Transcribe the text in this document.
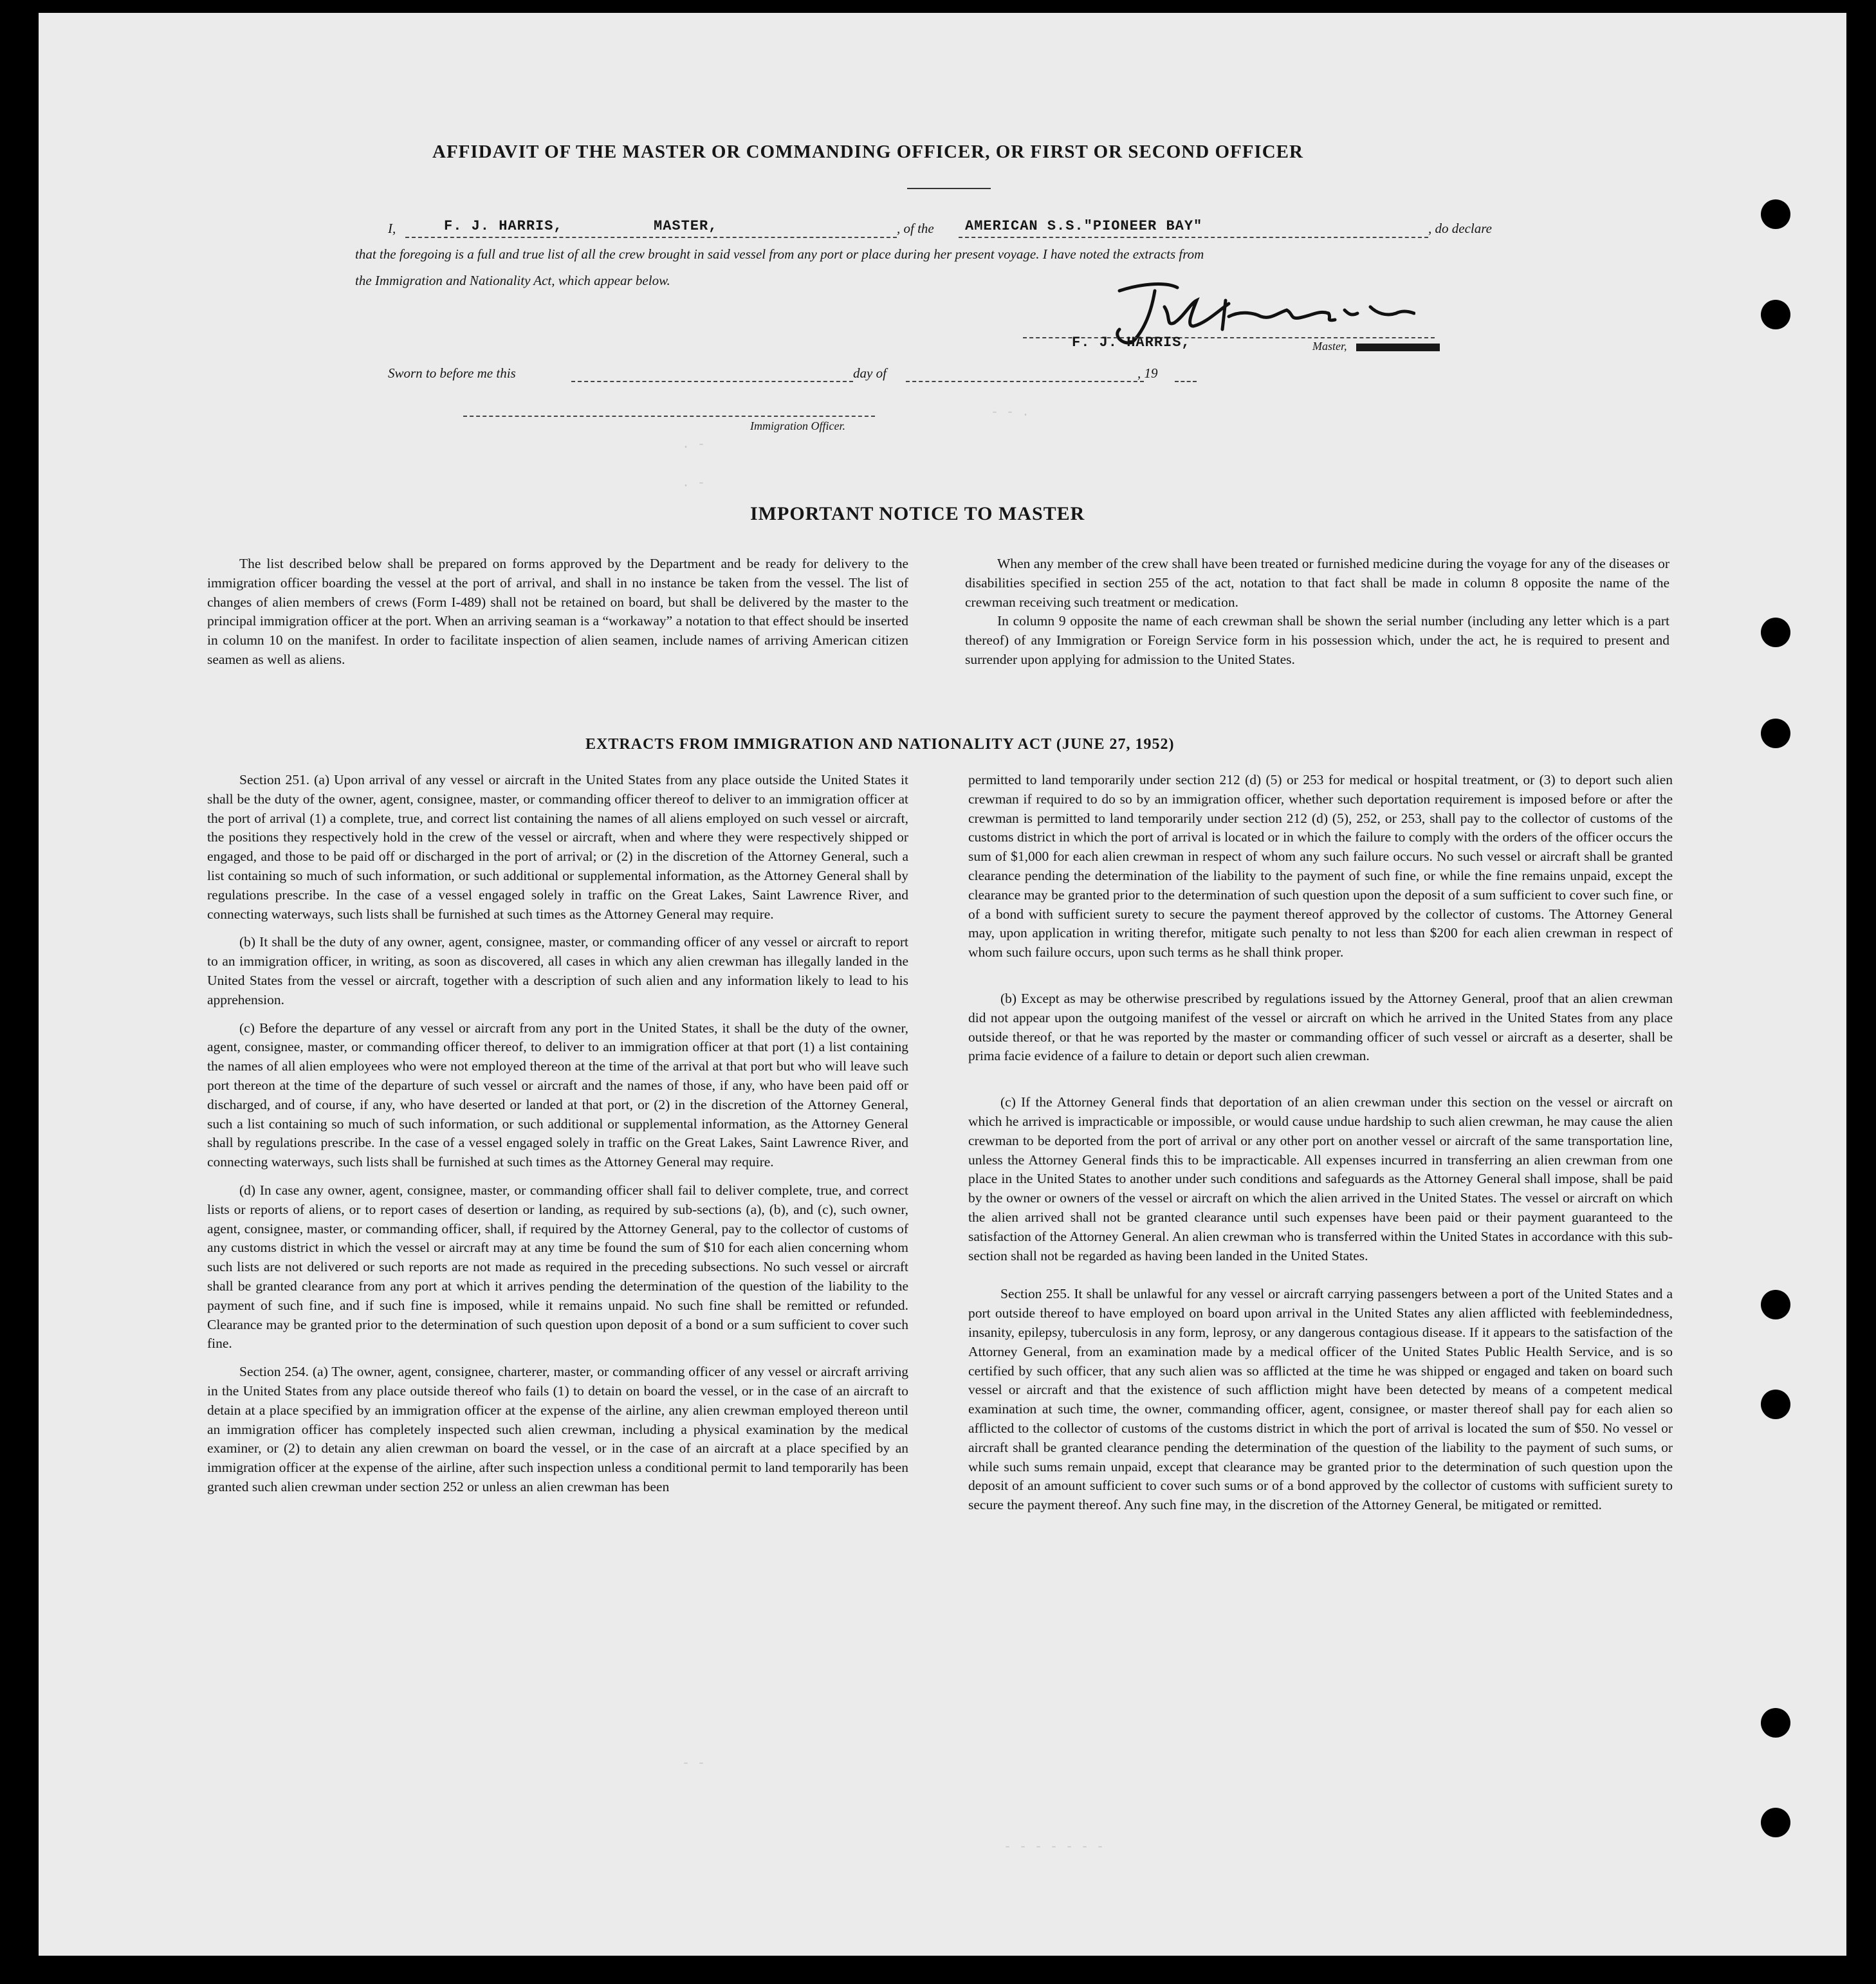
AFFIDAVIT OF THE MASTER OR COMMANDING OFFICER, OR FIRST OR SECOND OFFICER
I,	F. J. HARRIS,	MASTER,	, of the AMERICAN S.S."PIONEER BAY"	, do declare
that the foregoing is a full and true list of all the crew brought in said vessel from any port or place during her present voyage. I have noted the extracts from
the Immigration and Nationality Act, which appear below.
F. J. HARRIS,	Master,
Sworn to before me this	day of	, 19
Immigration Officer.
- - .
. -
. -
IMPORTANT NOTICE TO MASTER

The list described below shall be prepared on forms approved by the Department and be ready for delivery to the immigration officer boarding the vessel at the port of arrival, and shall in no instance be taken from the vessel. The list of changes of alien members of crews (Form I-489) shall not be retained on board, but shall be delivered by the master to the principal immigration officer at the port. When an arriving seaman is a “workaway” a notation to that effect should be inserted in column 10 on the manifest. In order to facilitate inspection of alien seamen, include names of arriving American citizen seamen as well as aliens.

When any member of the crew shall have been treated or furnished medicine during the voyage for any of the diseases or disabilities specified in section 255 of the act, notation to that fact shall be made in column 8 opposite the name of the crewman receiving such treatment or medication.

In column 9 opposite the name of each crewman shall be shown the serial number (including any letter which is a part thereof) of any Immigration or Foreign Service form in his possession which, under the act, he is required to present and surrender upon applying for admission to the United States.

EXTRACTS FROM IMMIGRATION AND NATIONALITY ACT (JUNE 27, 1952)

Section 251. (a) Upon arrival of any vessel or aircraft in the United States from any place outside the United States it shall be the duty of the owner, agent, consignee, master, or commanding officer thereof to deliver to an immigration officer at the port of arrival (1) a complete, true, and correct list containing the names of all aliens employed on such vessel or aircraft, the positions they respectively hold in the crew of the vessel or aircraft, when and where they were respectively shipped or engaged, and those to be paid off or discharged in the port of arrival; or (2) in the discretion of the Attorney General, such a list containing so much of such information, or such additional or supplemental information, as the Attorney General shall by regulations prescribe. In the case of a vessel engaged solely in traffic on the Great Lakes, Saint Lawrence River, and connecting waterways, such lists shall be furnished at such times as the Attorney General may require.

(b) It shall be the duty of any owner, agent, consignee, master, or commanding officer of any vessel or aircraft to report to an immigration officer, in writing, as soon as discovered, all cases in which any alien crewman has illegally landed in the United States from the vessel or aircraft, together with a description of such alien and any information likely to lead to his apprehension.

(c) Before the departure of any vessel or aircraft from any port in the United States, it shall be the duty of the owner, agent, consignee, master, or commanding officer thereof, to deliver to an immigration officer at that port (1) a list containing the names of all alien employees who were not employed thereon at the time of the arrival at that port but who will leave such port thereon at the time of the departure of such vessel or aircraft and the names of those, if any, who have been paid off or discharged, and of course, if any, who have deserted or landed at that port, or (2) in the discretion of the Attorney General, such a list containing so much of such information, or such additional or supplemental information, as the Attorney General shall by regulations prescribe. In the case of a vessel engaged solely in traffic on the Great Lakes, Saint Lawrence River, and connecting waterways, such lists shall be furnished at such times as the Attorney General may require.

(d) In case any owner, agent, consignee, master, or commanding officer shall fail to deliver complete, true, and correct lists or reports of aliens, or to report cases of desertion or landing, as required by sub-sections (a), (b), and (c), such owner, agent, consignee, master, or commanding officer, shall, if required by the Attorney General, pay to the collector of customs of any customs district in which the vessel or aircraft may at any time be found the sum of $10 for each alien concerning whom such lists are not delivered or such reports are not made as required in the preceding subsections. No such vessel or aircraft shall be granted clearance from any port at which it arrives pending the determination of the question of the liability to the payment of such fine, and if such fine is imposed, while it remains unpaid. No such fine shall be remitted or refunded. Clearance may be granted prior to the determination of such question upon deposit of a bond or a sum sufficient to cover such fine.

Section 254. (a) The owner, agent, consignee, charterer, master, or commanding officer of any vessel or aircraft arriving in the United States from any place outside thereof who fails (1) to detain on board the vessel, or in the case of an aircraft to detain at a place specified by an immigration officer at the expense of the airline, any alien crewman employed thereon until an immigration officer has completely inspected such alien crewman, including a physical examination by the medical examiner, or (2) to detain any alien crewman on board the vessel, or in the case of an aircraft at a place specified by an immigration officer at the expense of the airline, after such inspection unless a conditional permit to land temporarily has been granted such alien crewman under section 252 or unless an alien crewman has been

permitted to land temporarily under section 212 (d) (5) or 253 for medical or hospital treatment, or (3) to deport such alien crewman if required to do so by an immigration officer, whether such deportation requirement is imposed before or after the crewman is permitted to land temporarily under section 212 (d) (5), 252, or 253, shall pay to the collector of customs of the customs district in which the port of arrival is located or in which the failure to comply with the orders of the officer occurs the sum of $1,000 for each alien crewman in respect of whom any such failure occurs. No such vessel or aircraft shall be granted clearance pending the determination of the liability to the payment of such fine, or while the fine remains unpaid, except the clearance may be granted prior to the determination of such question upon the deposit of a sum sufficient to cover such fine, or of a bond with sufficient surety to secure the payment thereof approved by the collector of customs. The Attorney General may, upon application in writing therefor, mitigate such penalty to not less than $200 for each alien crewman in respect of whom such failure occurs, upon such terms as he shall think proper.

(b) Except as may be otherwise prescribed by regulations issued by the Attorney General, proof that an alien crewman did not appear upon the outgoing manifest of the vessel or aircraft on which he arrived in the United States from any place outside thereof, or that he was reported by the master or commanding officer of such vessel or aircraft as a deserter, shall be prima facie evidence of a failure to detain or deport such alien crewman.

(c) If the Attorney General finds that deportation of an alien crewman under this section on the vessel or aircraft on which he arrived is impracticable or impossible, or would cause undue hardship to such alien crewman, he may cause the alien crewman to be deported from the port of arrival or any other port on another vessel or aircraft of the same transportation line, unless the Attorney General finds this to be impracticable. All expenses incurred in transferring an alien crewman from one place in the United States to another under such conditions and safeguards as the Attorney General shall impose, shall be paid by the owner or owners of the vessel or aircraft on which the alien arrived in the United States. The vessel or aircraft on which the alien arrived shall not be granted clearance until such expenses have been paid or their payment guaranteed to the satisfaction of the Attorney General. An alien crewman who is transferred within the United States in accordance with this sub-section shall not be regarded as having been landed in the United States.

Section 255. It shall be unlawful for any vessel or aircraft carrying passengers between a port of the United States and a port outside thereof to have employed on board upon arrival in the United States any alien afflicted with feeblemindedness, insanity, epilepsy, tuberculosis in any form, leprosy, or any dangerous contagious disease. If it appears to the satisfaction of the Attorney General, from an examination made by a medical officer of the United States Public Health Service, and is so certified by such officer, that any such alien was so afflicted at the time he was shipped or engaged and taken on board such vessel or aircraft and that the existence of such affliction might have been detected by means of a competent medical examination at such time, the owner, commanding officer, agent, consignee, or master thereof shall pay for each alien so afflicted to the collector of customs of the customs district in which the port of arrival is located the sum of $50. No vessel or aircraft shall be granted clearance pending the determination of the question of the liability to the payment of such sums, or while such sums remain unpaid, except that clearance may be granted prior to the determination of such question upon the deposit of an amount sufficient to cover such sums or of a bond approved by the collector of customs with sufficient surety to secure the payment thereof. Any such fine may, in the discretion of the Attorney General, be mitigated or remitted.

- -
- - - - - - -
